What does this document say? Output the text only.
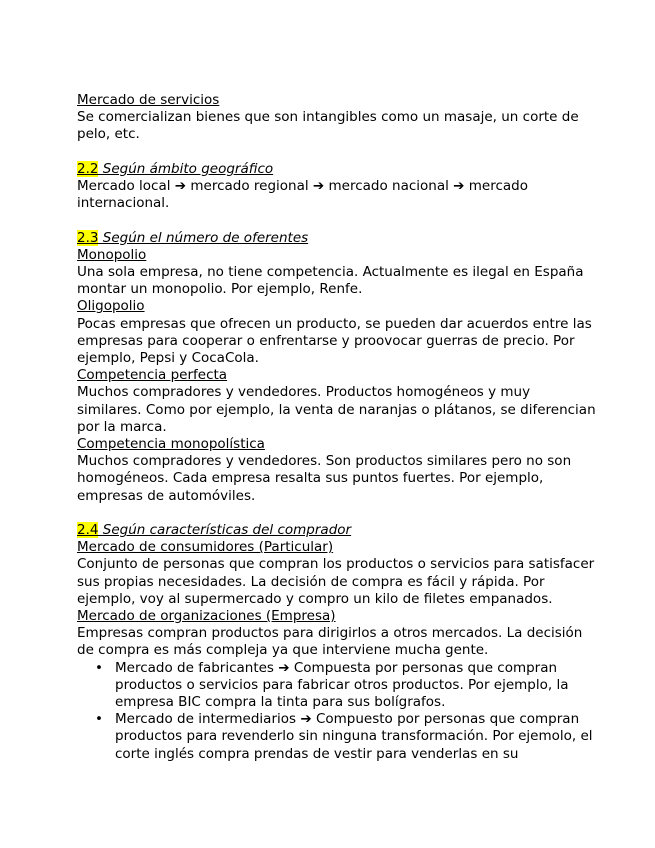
Mercado de servicios

Se comercializan bienes que son intangibles como un masaje, un corte de pelo, etc.

2.2 Según ámbito geográfico

Mercado local ➔ mercado regional ➔ mercado nacional ➔ mercado internacional.

2.3 Según el número de oferentes
Monopolio

Una sola empresa, no tiene competencia. Actualmente es ilegal en España montar un monopolio. Por ejemplo, Renfe.

Oligopolio

Pocas empresas que ofrecen un producto, se pueden dar acuerdos entre las empresas para cooperar o enfrentarse y proovocar guerras de precio. Por ejemplo, Pepsi y CocaCola.

Competencia perfecta

Muchos compradores y vendedores. Productos homogéneos y muy similares. Como por ejemplo, la venta de naranjas o plátanos, se diferencian por la marca.

Competencia monopolística

Muchos compradores y vendedores. Son productos similares pero no son homogéneos. Cada empresa resalta sus puntos fuertes. Por ejemplo, empresas de automóviles.

2.4 Según características del comprador
Mercado de consumidores (Particular)

Conjunto de personas que compran los productos o servicios para satisfacer sus propias necesidades. La decisión de compra es fácil y rápida. Por ejemplo, voy al supermercado y compro un kilo de filetes empanados.

Mercado de organizaciones (Empresa)

Empresas compran productos para dirigirlos a otros mercados. La decisión de compra es más compleja ya que interviene mucha gente.

• Mercado de fabricantes ➔ Compuesta por personas que compran productos o servicios para fabricar otros productos. Por ejemplo, la empresa BIC compra la tinta para sus bolígrafos.
• Mercado de intermediarios ➔ Compuesto por personas que compran productos para revenderlo sin ninguna transformación. Por ejemolo, el corte inglés compra prendas de vestir para venderlas en su
